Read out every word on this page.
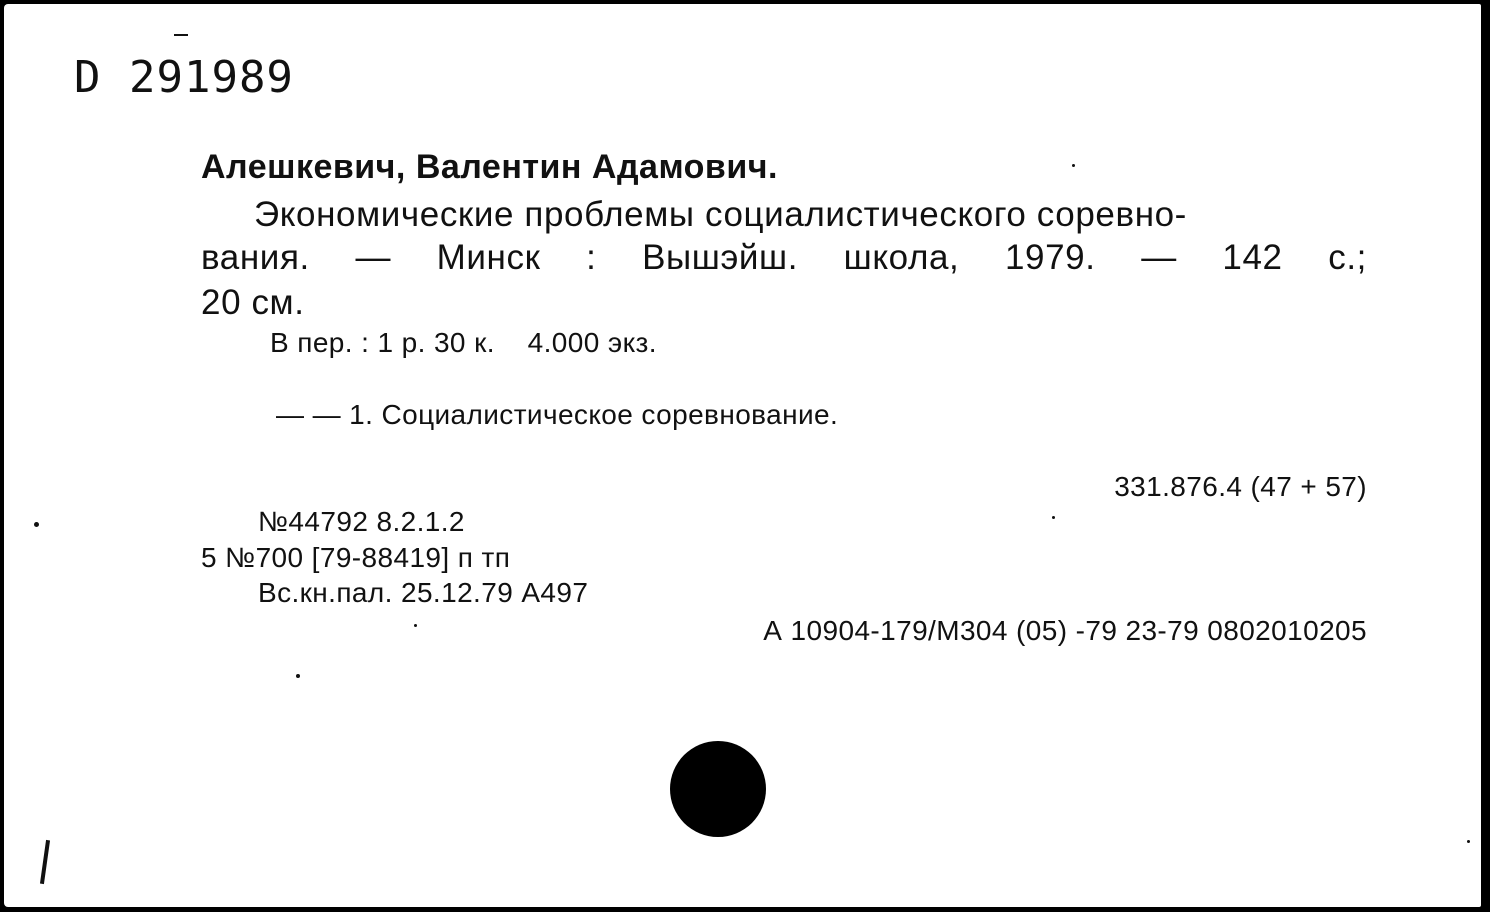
D 291989
Алешкевич, Валентин Адамович.
Экономические проблемы социалистического соревно-
вания. — Минск : Вышэйш. школа, 1979. — 142 с.;
20 см.
В пер. : 1 р. 30 к.    4.000 экз.
— — 1. Социалистическое соревнование.
331.876.4 (47 + 57)
№44792 8.2.1.2
5 №700 [79-88419] п тп
Вс.кн.пал. 25.12.79 А497
А 10904-179/М304 (05) -79 23-79 0802010205
